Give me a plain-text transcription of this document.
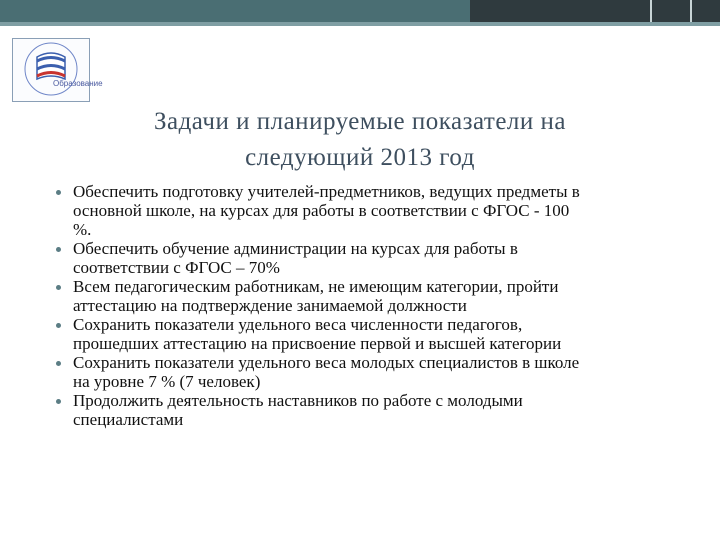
Образование
Задачи и планируемые показатели на
следующий 2013 год
Обеспечить подготовку учителей-предметников, ведущих предметы в
основной школе, на курсах для работы в соответствии с ФГОС - 100
%.
Обеспечить обучение администрации на курсах для работы в
соответствии с ФГОС – 70%
Всем педагогическим работникам, не имеющим категории, пройти
аттестацию на подтверждение занимаемой должности
Сохранить показатели удельного веса численности педагогов,
прошедших аттестацию на присвоение первой и высшей категории
Сохранить показатели удельного веса молодых специалистов в школе
на уровне 7 % (7 человек)
Продолжить деятельность наставников по работе с молодыми
специалистами
